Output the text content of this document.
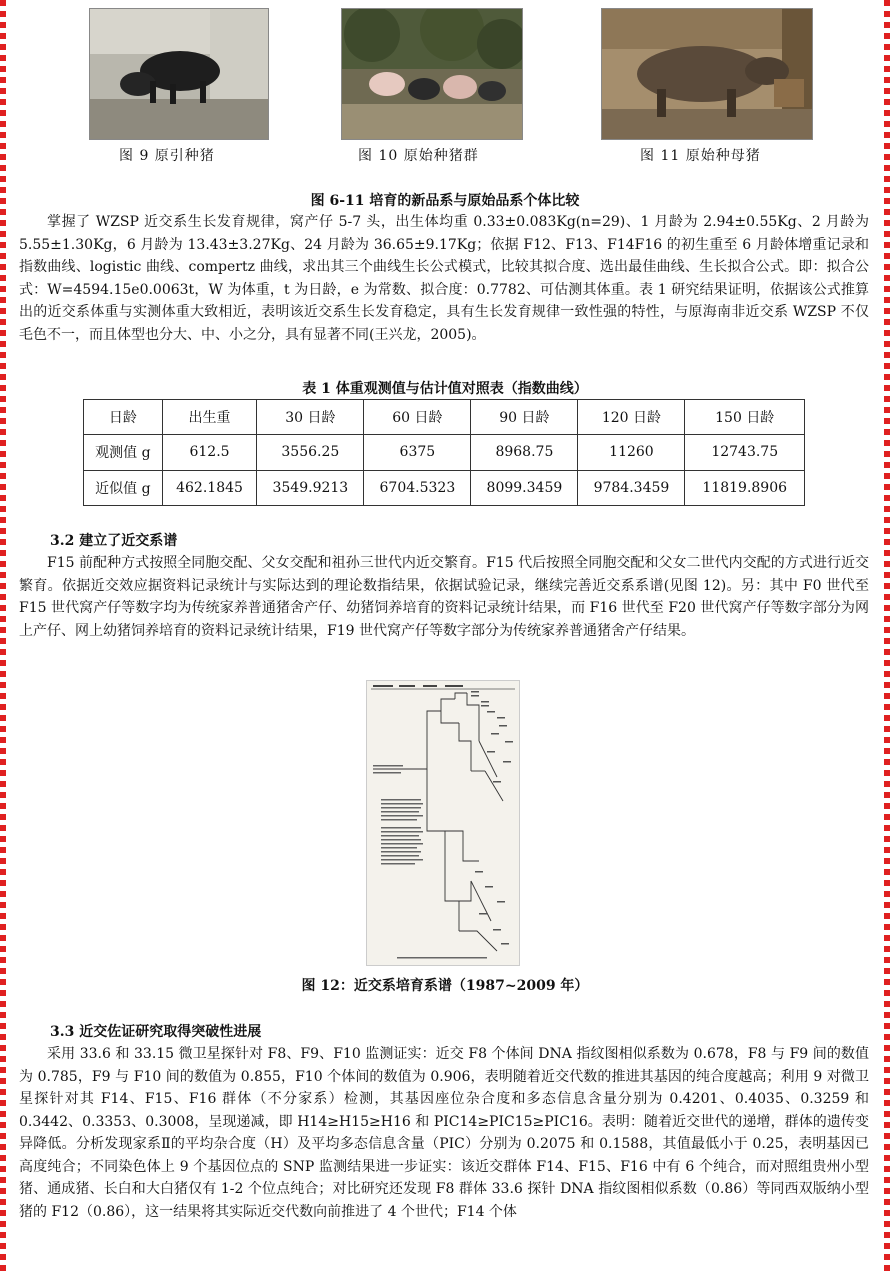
图 9 原引种猪	图 10 原始种猪群	图 11 原始种母猪
图 6-11 培育的新品系与原始品系个体比较

掌握了 WZSP 近交系生长发育规律，窝产仔 5-7 头，出生体均重 0.33±0.083Kg(n=29)、1 月龄为 2.94±0.55Kg、2 月龄为 5.55±1.30Kg，6 月龄为 13.43±3.27Kg、24 月龄为 36.65±9.17Kg；依据 F12、F13、F14F16 的初生重至 6 月龄体增重记录和指数曲线、logistic 曲线、compertz 曲线，求出其三个曲线生长公式模式，比较其拟合度、选出最佳曲线、生长拟合公式。即：拟合公式：W=4594.15e0.0063t，W 为体重，t 为日龄，e 为常数、拟合度：0.7782、可估测其体重。表 1 研究结果证明，依据该公式推算出的近交系体重与实测体重大致相近，表明该近交系生长发育稳定，具有生长发育规律一致性强的特性，与原海南非近交系 WZSP 不仅毛色不一，而且体型也分大、中、小之分，具有显著不同(王兴龙，2005)。

表 1 体重观测值与估计值对照表（指数曲线）
日龄	出生重	30 日龄	60 日龄	90 日龄	120 日龄	150 日龄
观测值 g	612.5	3556.25	6375	8968.75	11260	12743.75
近似值 g	462.1845	3549.9213	6704.5323	8099.3459	9784.3459	11819.8906
3.2 建立了近交系谱

F15 前配种方式按照全同胞交配、父女交配和祖孙三世代内近交繁育。F15 代后按照全同胞交配和父女二世代内交配的方式进行近交繁育。依据近交效应据资料记录统计与实际达到的理论数指结果，依据试验记录，继续完善近交系系谱(见图 12)。另：其中 F0 世代至 F15 世代窝产仔等数字均为传统家养普通猪舍产仔、幼猪饲养培育的资料记录统计结果，而 F16 世代至 F20 世代窝产仔等数字部分为网上产仔、网上幼猪饲养培育的资料记录统计结果，F19 世代窝产仔等数字部分为传统家养普通猪舍产仔结果。

图 12：近交系培育系谱（1987~2009 年）
3.3 近交佐证研究取得突破性进展

采用 33.6 和 33.15 微卫星探针对 F8、F9、F10 监测证实：近交 F8 个体间 DNA 指纹图相似系数为 0.678，F8 与 F9 间的数值为 0.785，F9 与 F10 间的数值为 0.855，F10 个体间的数值为 0.906，表明随着近交代数的推进其基因的纯合度越高；利用 9 对微卫星探针对其 F14、F15、F16 群体（不分家系）检测，其基因座位杂合度和多态信息含量分别为 0.4201、0.4035、0.3259 和 0.3442、0.3353、0.3008，呈现递减，即 H14≥H15≥H16 和 PIC14≥PIC15≥PIC16。表明：随着近交世代的递增，群体的遗传变异降低。分析发现家系Ⅱ的平均杂合度（H）及平均多态信息含量（PIC）分别为 0.2075 和 0.1588，其值最低小于 0.25，表明基因已高度纯合；不同染色体上 9 个基因位点的 SNP 监测结果进一步证实：该近交群体 F14、F15、F16 中有 6 个纯合，而对照组贵州小型猪、通成猪、长白和大白猪仅有 1-2 个位点纯合；对比研究还发现 F8 群体 33.6 探针 DNA 指纹图相似系数（0.86）等同西双版纳小型猪的 F12（0.86），这一结果将其实际近交代数向前推进了 4 个世代；F14 个体
